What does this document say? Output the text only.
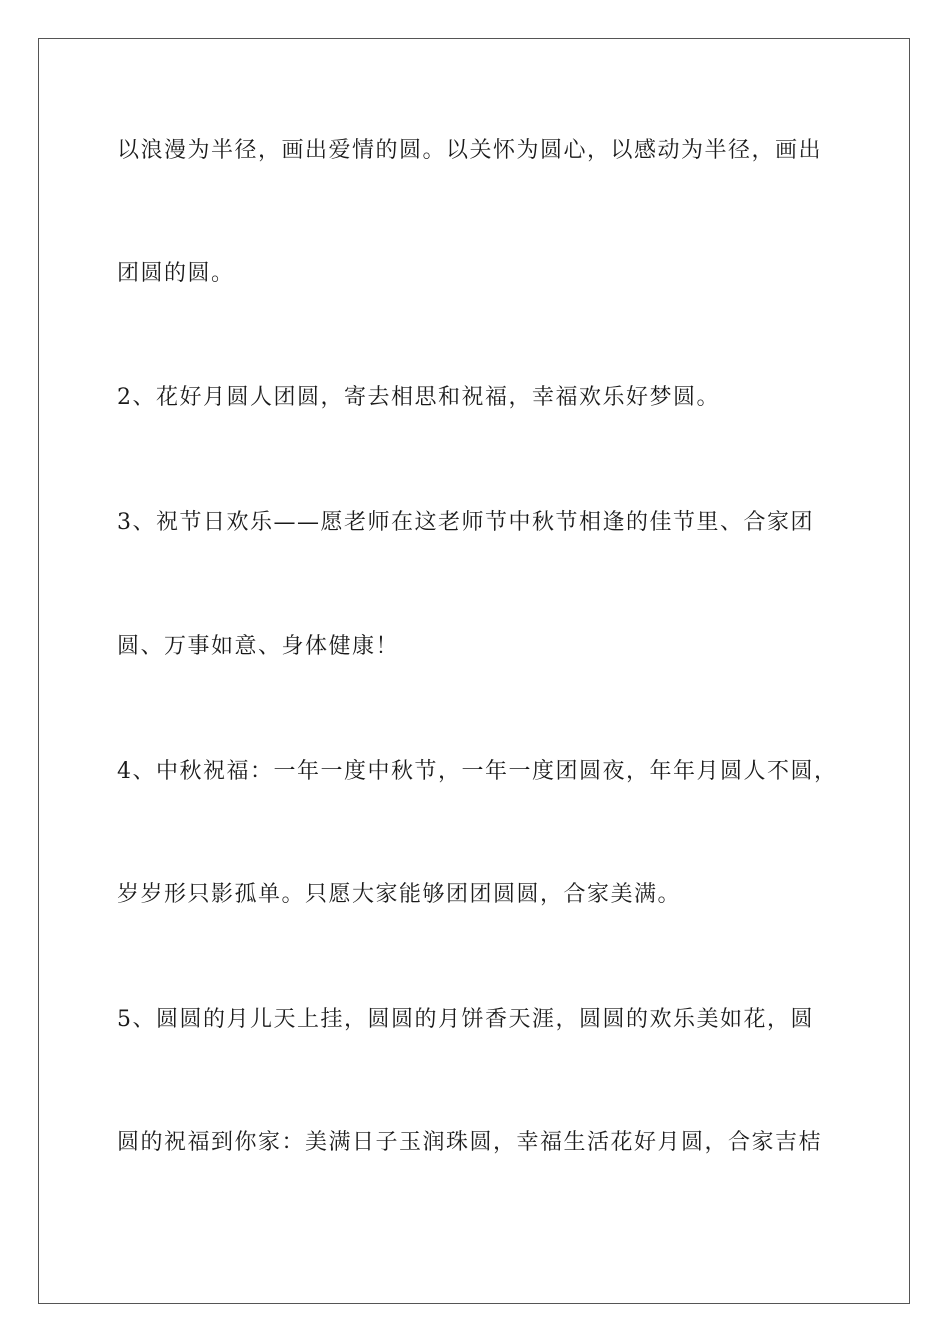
以浪漫为半径，画出爱情的圆。以关怀为圆心，以感动为半径，画出
团圆的圆。
2、花好月圆人团圆，寄去相思和祝福，幸福欢乐好梦圆。
3、祝节日欢乐——愿老师在这老师节中秋节相逢的佳节里、合家团
圆、万事如意、身体健康！
4、中秋祝福：一年一度中秋节，一年一度团圆夜，年年月圆人不圆，
岁岁形只影孤单。只愿大家能够团团圆圆，合家美满。
5、圆圆的月儿天上挂，圆圆的月饼香天涯，圆圆的欢乐美如花，圆
圆的祝福到你家：美满日子玉润珠圆，幸福生活花好月圆，合家吉桔
